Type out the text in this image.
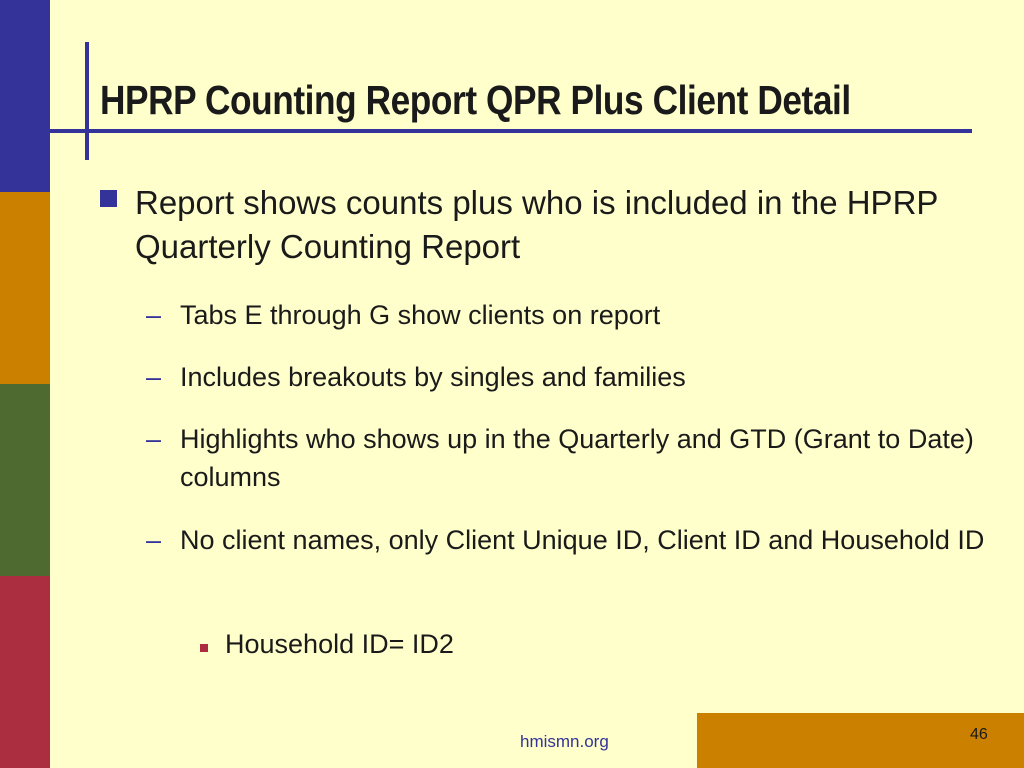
HPRP Counting Report QPR Plus Client Detail
Report shows counts plus who is included in the HPRP Quarterly Counting Report
– Tabs E through G show clients on report
– Includes breakouts by singles and families
– Highlights who shows up in the Quarterly and GTD (Grant to Date) columns
– No client names, only Client Unique ID, Client ID and Household ID
Household ID= ID2
46
hmismn.org
